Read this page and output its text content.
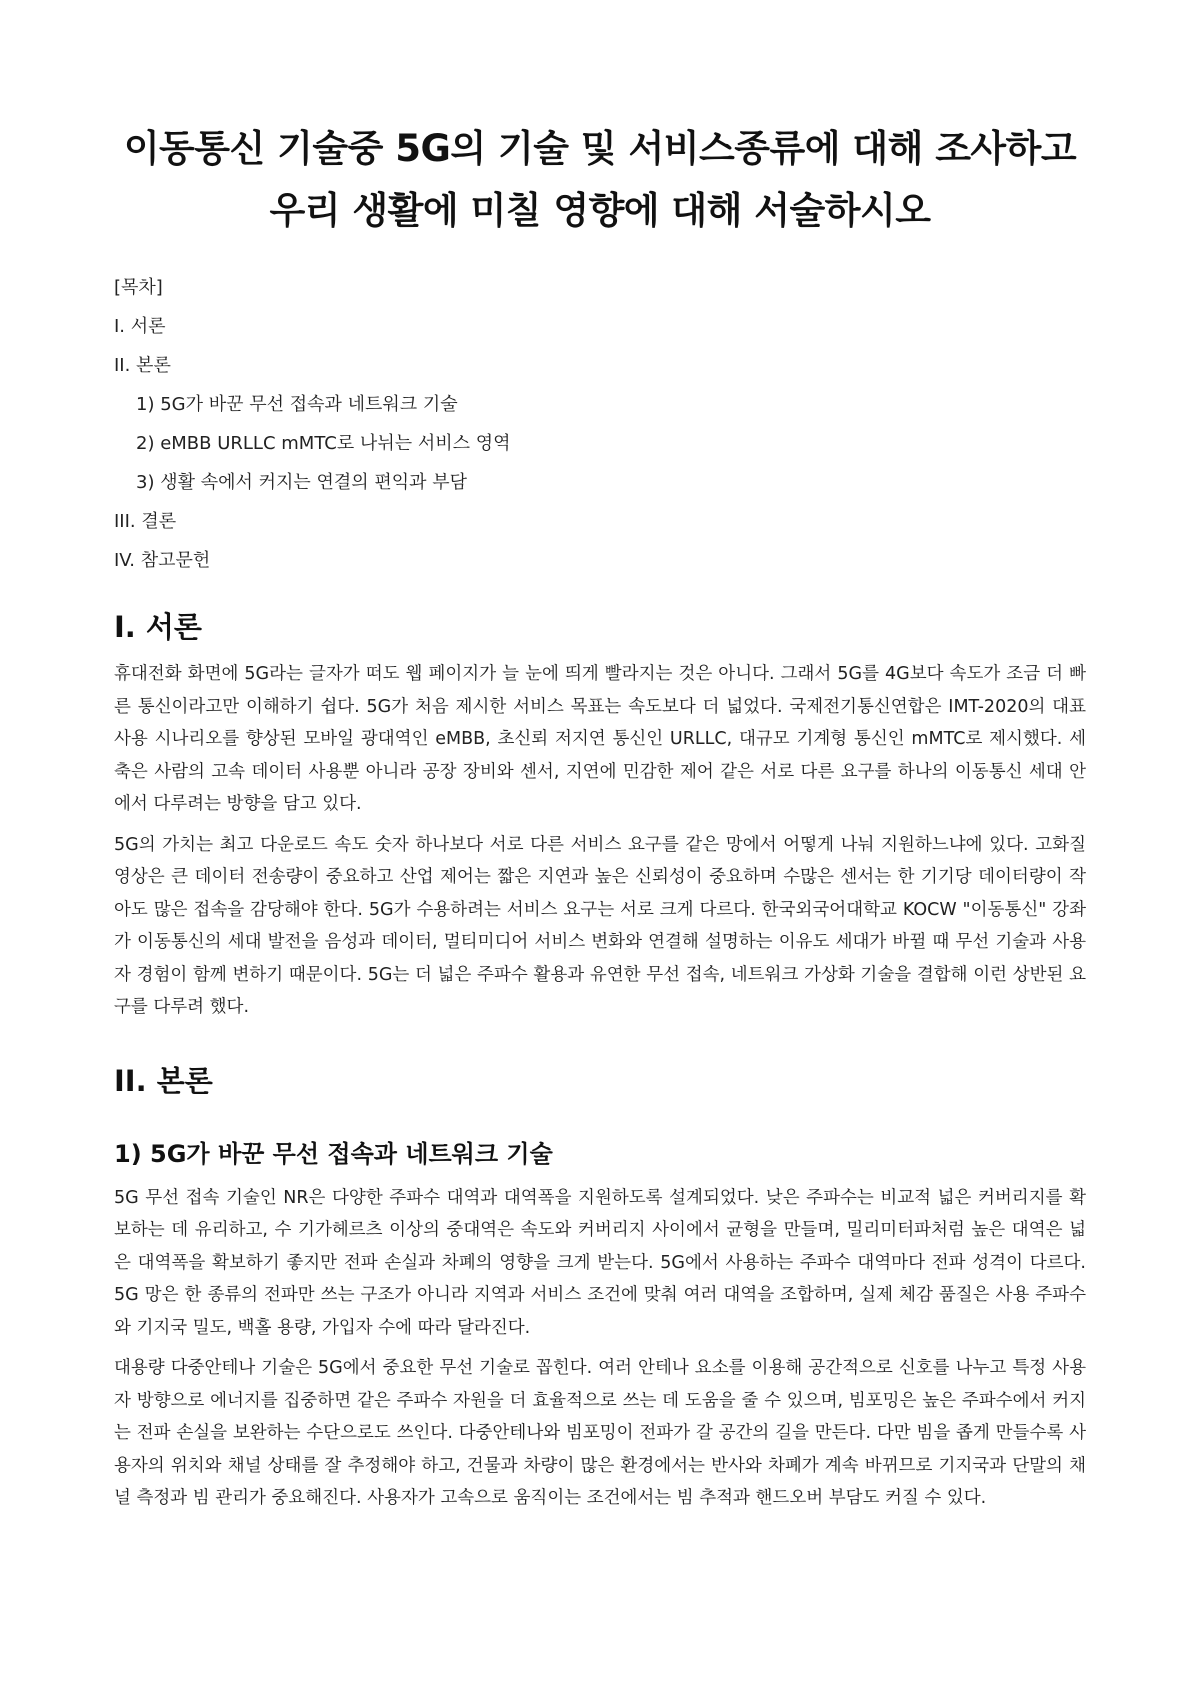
이동통신 기술중 5G의 기술 및 서비스종류에 대해 조사하고 우리 생활에 미칠 영향에 대해 서술하시오
[목차]
I. 서론
II. 본론
1) 5G가 바꾼 무선 접속과 네트워크 기술
2) eMBB URLLC mMTC로 나뉘는 서비스 영역
3) 생활 속에서 커지는 연결의 편익과 부담
III. 결론
IV. 참고문헌
I. 서론

휴대전화 화면에 5G라는 글자가 떠도 웹 페이지가 늘 눈에 띄게 빨라지는 것은 아니다. 그래서 5G를 4G보다 속도가 조금 더 빠른 통신이라고만 이해하기 쉽다. 5G가 처음 제시한 서비스 목표는 속도보다 더 넓었다. 국제전기통신연합은 IMT-2020의 대표 사용 시나리오를 향상된 모바일 광대역인 eMBB, 초신뢰 저지연 통신인 URLLC, 대규모 기계형 통신인 mMTC로 제시했다. 세 축은 사람의 고속 데이터 사용뿐 아니라 공장 장비와 센서, 지연에 민감한 제어 같은 서로 다른 요구를 하나의 이동통신 세대 안에서 다루려는 방향을 담고 있다.

5G의 가치는 최고 다운로드 속도 숫자 하나보다 서로 다른 서비스 요구를 같은 망에서 어떻게 나눠 지원하느냐에 있다. 고화질 영상은 큰 데이터 전송량이 중요하고 산업 제어는 짧은 지연과 높은 신뢰성이 중요하며 수많은 센서는 한 기기당 데이터량이 작아도 많은 접속을 감당해야 한다. 5G가 수용하려는 서비스 요구는 서로 크게 다르다. 한국외국어대학교 KOCW "이동통신" 강좌가 이동통신의 세대 발전을 음성과 데이터, 멀티미디어 서비스 변화와 연결해 설명하는 이유도 세대가 바뀔 때 무선 기술과 사용자 경험이 함께 변하기 때문이다. 5G는 더 넓은 주파수 활용과 유연한 무선 접속, 네트워크 가상화 기술을 결합해 이런 상반된 요구를 다루려 했다.

II. 본론
1) 5G가 바꾼 무선 접속과 네트워크 기술

5G 무선 접속 기술인 NR은 다양한 주파수 대역과 대역폭을 지원하도록 설계되었다. 낮은 주파수는 비교적 넓은 커버리지를 확보하는 데 유리하고, 수 기가헤르츠 이상의 중대역은 속도와 커버리지 사이에서 균형을 만들며, 밀리미터파처럼 높은 대역은 넓은 대역폭을 확보하기 좋지만 전파 손실과 차폐의 영향을 크게 받는다. 5G에서 사용하는 주파수 대역마다 전파 성격이 다르다. 5G 망은 한 종류의 전파만 쓰는 구조가 아니라 지역과 서비스 조건에 맞춰 여러 대역을 조합하며, 실제 체감 품질은 사용 주파수와 기지국 밀도, 백홀 용량, 가입자 수에 따라 달라진다.

대용량 다중안테나 기술은 5G에서 중요한 무선 기술로 꼽힌다. 여러 안테나 요소를 이용해 공간적으로 신호를 나누고 특정 사용자 방향으로 에너지를 집중하면 같은 주파수 자원을 더 효율적으로 쓰는 데 도움을 줄 수 있으며, 빔포밍은 높은 주파수에서 커지는 전파 손실을 보완하는 수단으로도 쓰인다. 다중안테나와 빔포밍이 전파가 갈 공간의 길을 만든다. 다만 빔을 좁게 만들수록 사용자의 위치와 채널 상태를 잘 추정해야 하고, 건물과 차량이 많은 환경에서는 반사와 차폐가 계속 바뀌므로 기지국과 단말의 채널 측정과 빔 관리가 중요해진다. 사용자가 고속으로 움직이는 조건에서는 빔 추적과 핸드오버 부담도 커질 수 있다.
